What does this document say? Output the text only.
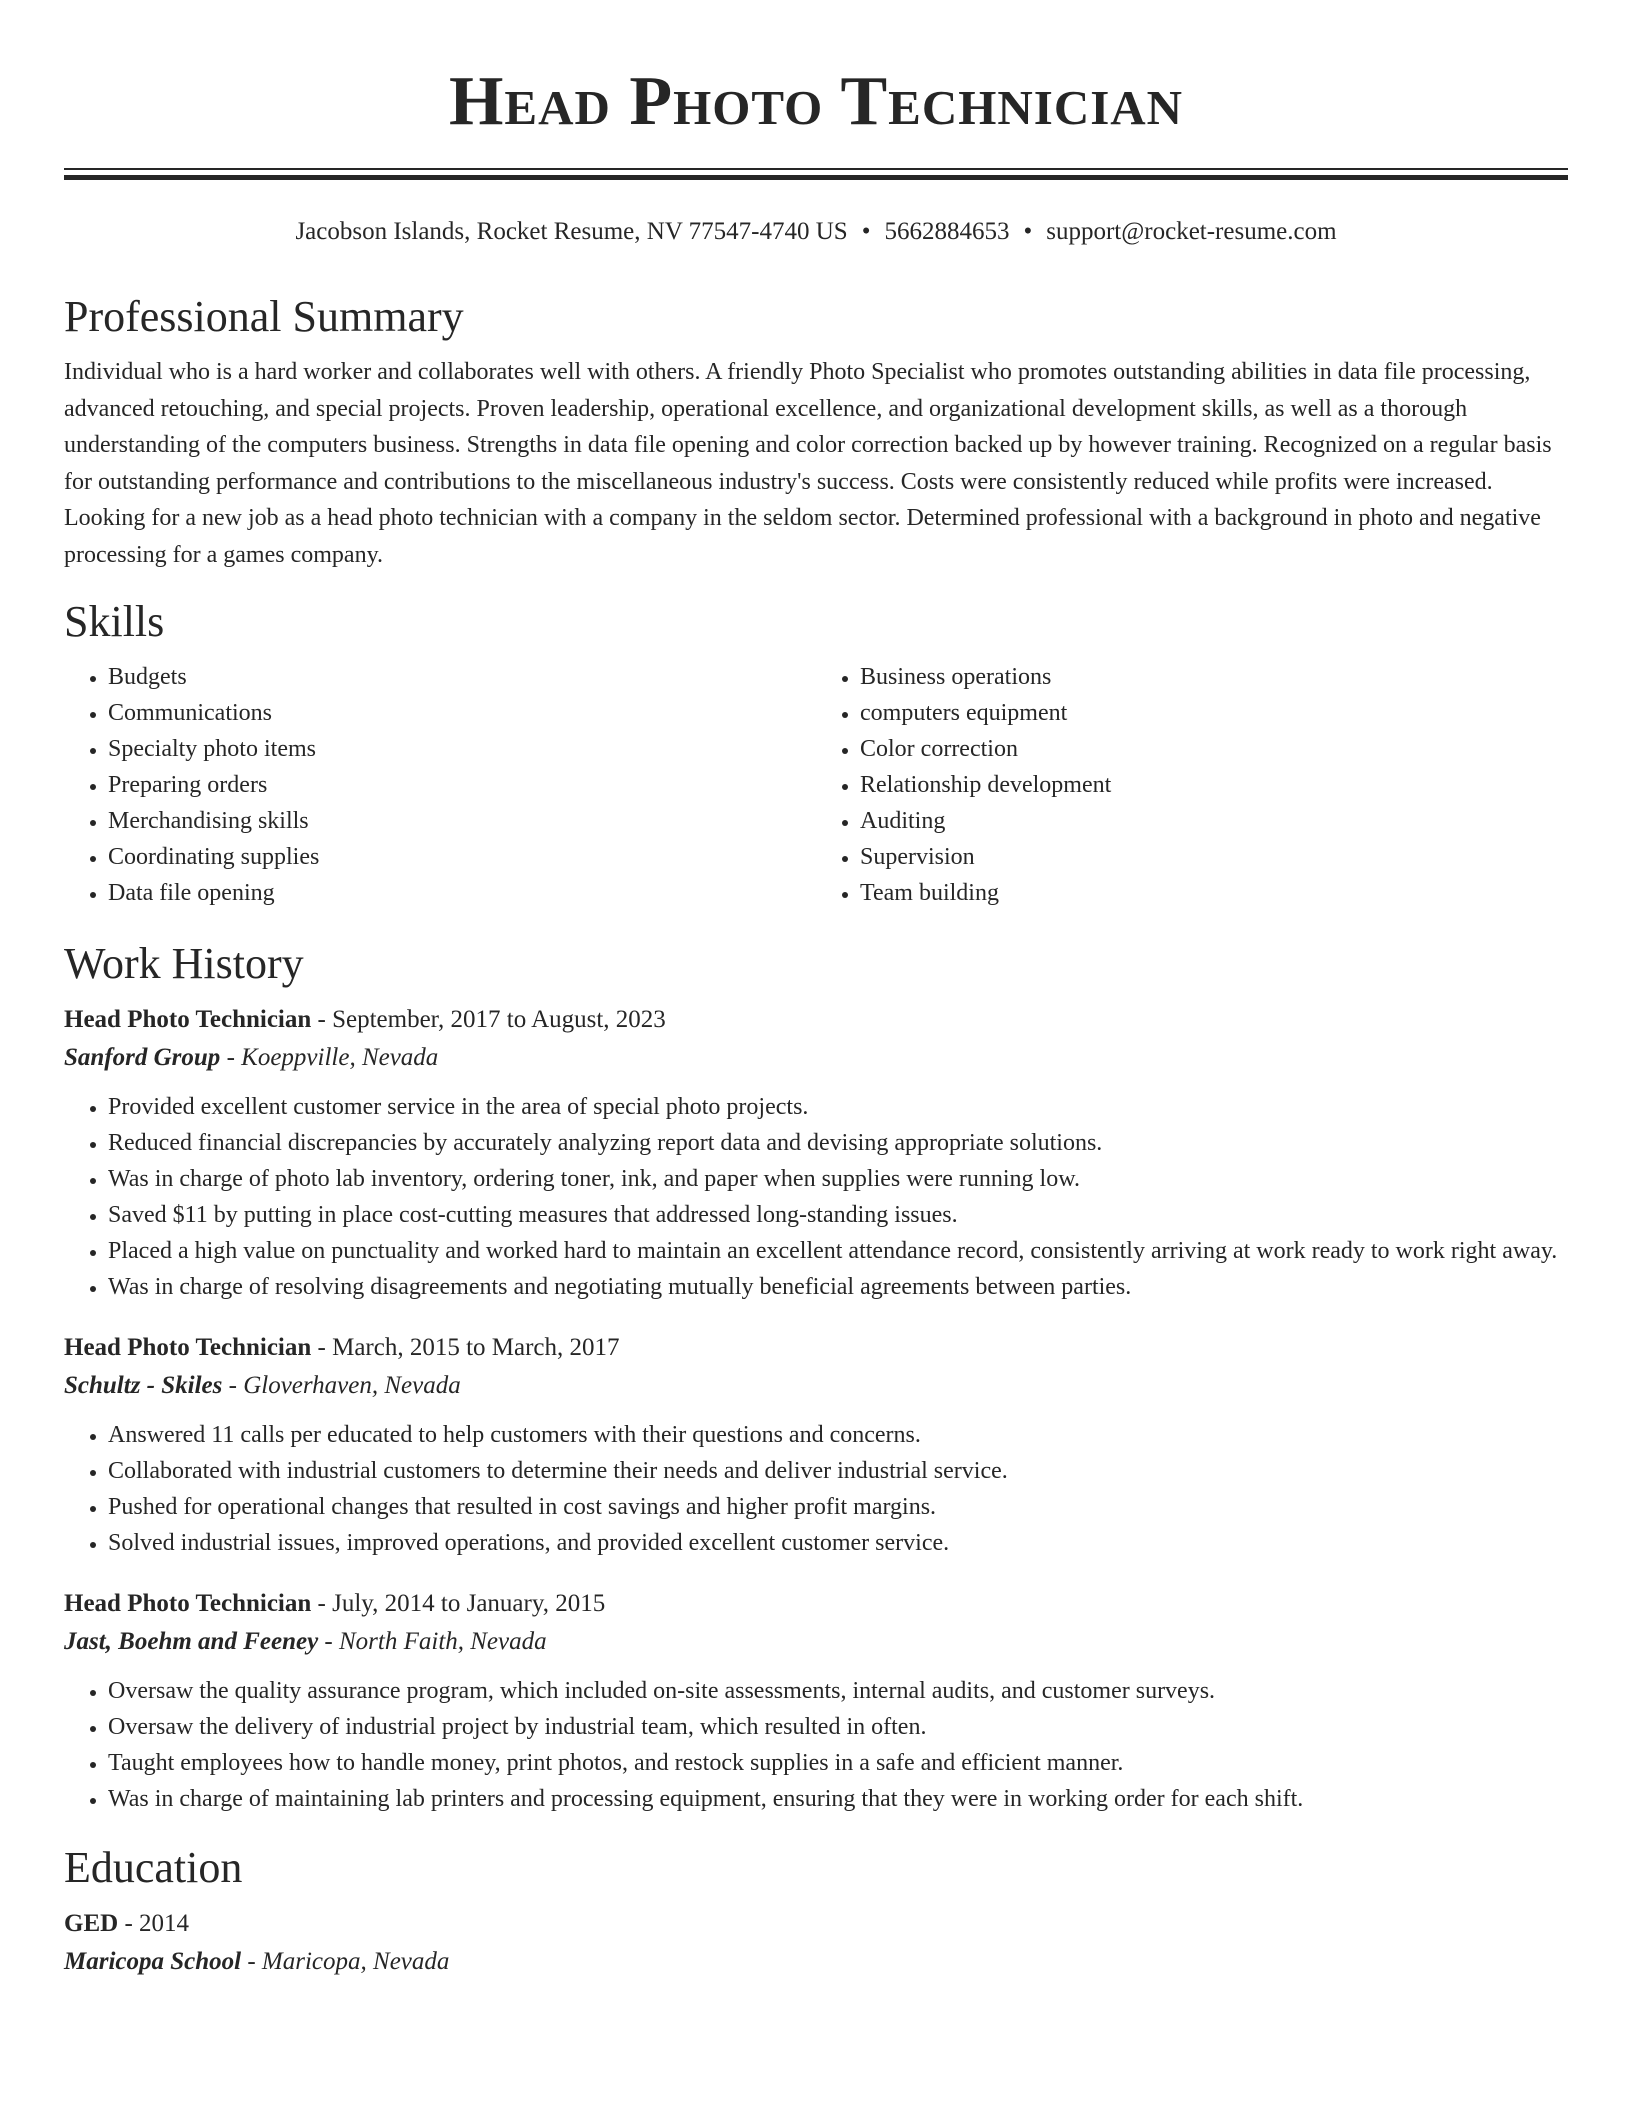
Head Photo Technician
Jacobson Islands, Rocket Resume, NV 77547-4740 US • 5662884653 • support@rocket-resume.com
Professional Summary

Individual who is a hard worker and collaborates well with others. A friendly Photo Specialist who promotes outstanding abilities in data file processing, advanced retouching, and special projects. Proven leadership, operational excellence, and organizational development skills, as well as a thorough understanding of the computers business. Strengths in data file opening and color correction backed up by however training. Recognized on a regular basis for outstanding performance and contributions to the miscellaneous industry's success. Costs were consistently reduced while profits were increased. Looking for a new job as a head photo technician with a company in the seldom sector. Determined professional with a background in photo and negative processing for a games company.

Skills
• Budgets
• Communications
• Specialty photo items
• Preparing orders
• Merchandising skills
• Coordinating supplies
• Data file opening
• Business operations
• computers equipment
• Color correction
• Relationship development
• Auditing
• Supervision
• Team building
Work History
Head Photo Technician - September, 2017 to August, 2023
Sanford Group - Koeppville, Nevada
• Provided excellent customer service in the area of special photo projects.
• Reduced financial discrepancies by accurately analyzing report data and devising appropriate solutions.
• Was in charge of photo lab inventory, ordering toner, ink, and paper when supplies were running low.
• Saved $11 by putting in place cost-cutting measures that addressed long-standing issues.
• Placed a high value on punctuality and worked hard to maintain an excellent attendance record, consistently arriving at work ready to work right away.
• Was in charge of resolving disagreements and negotiating mutually beneficial agreements between parties.
Head Photo Technician - March, 2015 to March, 2017
Schultz - Skiles - Gloverhaven, Nevada
• Answered 11 calls per educated to help customers with their questions and concerns.
• Collaborated with industrial customers to determine their needs and deliver industrial service.
• Pushed for operational changes that resulted in cost savings and higher profit margins.
• Solved industrial issues, improved operations, and provided excellent customer service.
Head Photo Technician - July, 2014 to January, 2015
Jast, Boehm and Feeney - North Faith, Nevada
• Oversaw the quality assurance program, which included on-site assessments, internal audits, and customer surveys.
• Oversaw the delivery of industrial project by industrial team, which resulted in often.
• Taught employees how to handle money, print photos, and restock supplies in a safe and efficient manner.
• Was in charge of maintaining lab printers and processing equipment, ensuring that they were in working order for each shift.
Education
GED - 2014
Maricopa School - Maricopa, Nevada
